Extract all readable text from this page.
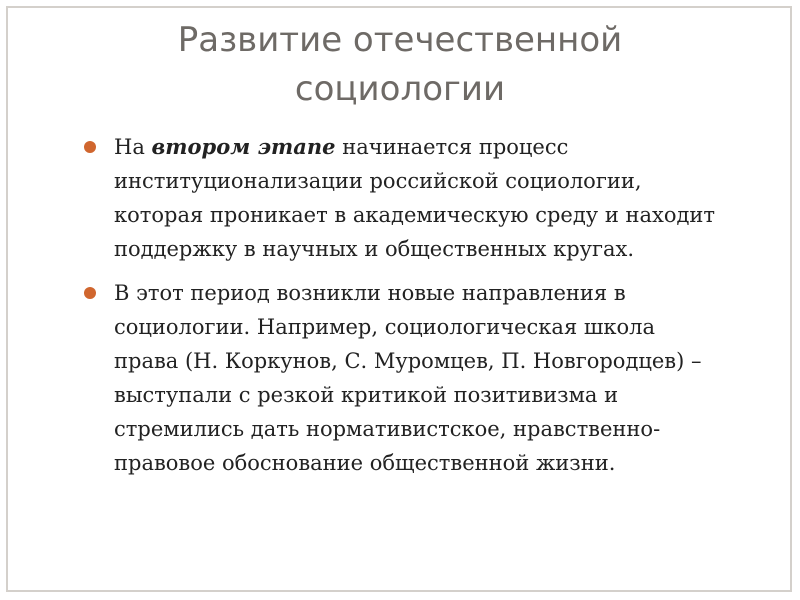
Развитие отечественной
социологии
На втором этапе начинается процесс институционализации российской социологии, которая проникает в академическую среду и находит поддержку в научных и общественных кругах.
В этот период возникли новые направления в социологии. Например, социологическая школа права (Н. Коркунов, С. Муромцев, П. Новгородцев) – выступали с резкой критикой позитивизма и стремились дать нормативистское, нравственно-правовое обоснование общественной жизни.
